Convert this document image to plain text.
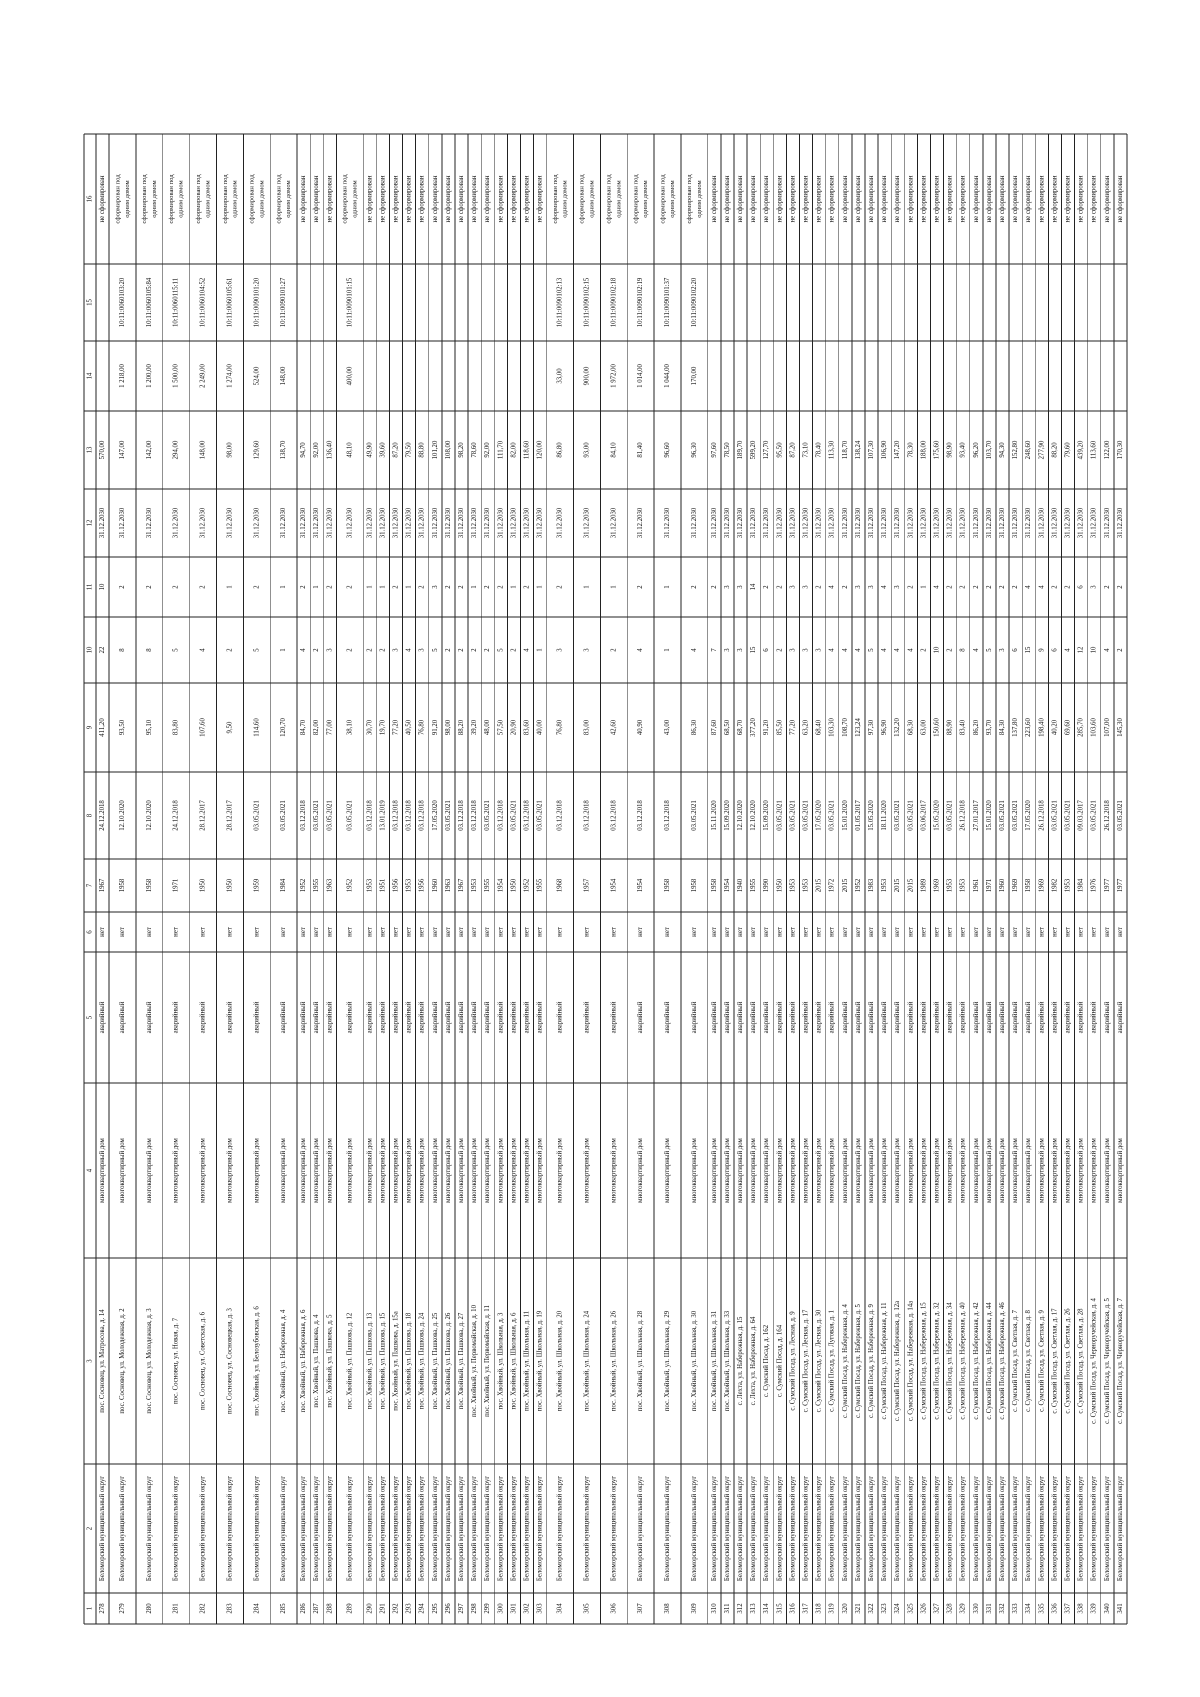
1
2
3
4
5
6
7
8
9
10
11
12
13
14
15
16
278
Беломорский муниципальный округ
пос. Сосновец, ул. Матросова, д. 14
многоквартирный дом
аварийный
нет
1967
24.12.2018
411,20
22
10
31.12.2030
570,00
не сформирован
279
Беломорский муниципальный округ
пос. Сосновец, ул. Молодежная, д. 2
многоквартирный дом
аварийный
нет
1958
12.10.2020
93,50
8
2
31.12.2030
147,00
1 218,00
10:11:0060103:20
сформирован под одним домом
280
Беломорский муниципальный округ
пос. Сосновец, ул. Молодежная, д. 3
многоквартирный дом
аварийный
нет
1958
12.10.2020
95,10
8
2
31.12.2030
142,00
1 200,00
10:11:0060105:84
сформирован под одним домом
281
Беломорский муниципальный округ
пос. Сосновец, ул. Новая, д. 7
многоквартирный дом
аварийный
нет
1971
24.12.2018
83,80
5
2
31.12.2030
294,00
1 500,00
10:11:0060115:11
сформирован под одним домом
282
Беломорский муниципальный округ
пос. Сосновец, ул. Советская, д. 6
многоквартирный дом
аварийный
нет
1950
28.12.2017
107,60
4
2
31.12.2030
148,00
2 249,00
10:11:0060104:52
сформирован под одним домом
283
Беломорский муниципальный округ
пос. Сосновец, ул. Сосновецкая, д. 3
многоквартирный дом
аварийный
нет
1950
28.12.2017
9,50
2
1
31.12.2030
98,00
1 274,00
10:11:0060105:61
сформирован под одним домом
284
Беломорский муниципальный округ
пос. Хвойный, ул. Белозубовская, д. 6
многоквартирный дом
аварийный
нет
1959
03.05.2021
114,60
5
2
31.12.2030
129,60
524,00
10:11:0090101:20
сформирован под одним домом
285
Беломорский муниципальный округ
пос. Хвойный, ул. Набережная, д. 4
многоквартирный дом
аварийный
нет
1984
03.05.2021
120,70
1
1
31.12.2030
138,70
148,00
10:11:0090101:27
сформирован под одним домом
286
Беломорский муниципальный округ
пос. Хвойный, ул. Набережная, д. 6
многоквартирный дом
аварийный
нет
1952
03.12.2018
84,70
4
2
31.12.2030
94,70
не сформирован
287
Беломорский муниципальный округ
пос. Хвойный, ул. Пашкова, д. 4
многоквартирный дом
аварийный
нет
1955
03.05.2021
82,00
2
1
31.12.2030
92,00
не сформирован
288
Беломорский муниципальный округ
пос. Хвойный, ул. Пашкова, д. 5
многоквартирный дом
аварийный
нет
1963
03.05.2021
77,00
3
2
31.12.2030
136,40
не сформирован
289
Беломорский муниципальный округ
пос. Хвойный, ул. Пашкова, д. 12
многоквартирный дом
аварийный
нет
1952
03.05.2021
38,10
2
2
31.12.2030
48,10
400,00
10:11:0090101:15
сформирован под одним домом
290
Беломорский муниципальный округ
пос. Хвойный, ул. Пашкова, д. 13
многоквартирный дом
аварийный
нет
1953
03.12.2018
30,70
2
1
31.12.2030
49,90
не сформирован
291
Беломорский муниципальный округ
пос. Хвойный, ул. Пашкова, д. 15
многоквартирный дом
аварийный
нет
1951
13.01.2019
19,70
2
1
31.12.2030
39,60
не сформирован
292
Беломорский муниципальный округ
пос. Хвойный, ул. Пашкова, д. 15а
многоквартирный дом
аварийный
нет
1956
03.12.2018
77,20
3
2
31.12.2030
87,20
не сформирован
293
Беломорский муниципальный округ
пос. Хвойный, ул. Пашкова, д. 18
многоквартирный дом
аварийный
нет
1953
03.12.2018
40,50
4
1
31.12.2030
79,50
не сформирован
294
Беломорский муниципальный округ
пос. Хвойный, ул. Пашкова, д. 24
многоквартирный дом
аварийный
нет
1956
03.12.2018
76,80
3
2
31.12.2030
88,80
не сформирован
295
Беломорский муниципальный округ
пос. Хвойный, ул. Пашкова, д. 25
многоквартирный дом
аварийный
нет
1960
17.05.2020
91,20
5
3
31.12.2030
101,20
не сформирован
296
Беломорский муниципальный округ
пос. Хвойный, ул. Пашкова, д. 26
многоквартирный дом
аварийный
нет
1963
03.05.2021
98,00
2
2
31.12.2030
108,00
не сформирован
297
Беломорский муниципальный округ
пос. Хвойный, ул. Пашкова, д. 27
многоквартирный дом
аварийный
нет
1967
03.12.2018
88,20
2
2
31.12.2030
98,20
не сформирован
298
Беломорский муниципальный округ
пос. Хвойный, ул. Первомайская, д. 10
многоквартирный дом
аварийный
нет
1953
03.12.2018
39,20
2
1
31.12.2030
78,60
не сформирован
299
Беломорский муниципальный округ
пос. Хвойный, ул. Первомайская, д. 11
многоквартирный дом
аварийный
нет
1955
03.05.2021
48,00
2
2
31.12.2030
92,00
не сформирован
300
Беломорский муниципальный округ
пос. Хвойный, ул. Школьная, д. 3
многоквартирный дом
аварийный
нет
1954
03.12.2018
57,50
5
2
31.12.2030
111,70
не сформирован
301
Беломорский муниципальный округ
пос. Хвойный, ул. Школьная, д. 6
многоквартирный дом
аварийный
нет
1950
03.05.2021
20,90
2
1
31.12.2030
82,00
не сформирован
302
Беломорский муниципальный округ
пос. Хвойный, ул. Школьная, д. 11
многоквартирный дом
аварийный
нет
1952
03.12.2018
83,60
4
2
31.12.2030
118,60
не сформирован
303
Беломорский муниципальный округ
пос. Хвойный, ул. Школьная, д. 19
многоквартирный дом
аварийный
нет
1955
03.05.2021
40,00
1
1
31.12.2030
120,00
не сформирован
304
Беломорский муниципальный округ
пос. Хвойный, ул. Школьная, д. 20
многоквартирный дом
аварийный
нет
1968
03.12.2018
76,80
3
2
31.12.2030
86,80
33,00
10:11:0090102:13
сформирован под одним домом
305
Беломорский муниципальный округ
пос. Хвойный, ул. Школьная, д. 24
многоквартирный дом
аварийный
нет
1957
03.12.2018
83,00
3
1
31.12.2030
93,00
900,00
10:11:0090102:15
сформирован под одним домом
306
Беломорский муниципальный округ
пос. Хвойный, ул. Школьная, д. 26
многоквартирный дом
аварийный
нет
1954
03.12.2018
42,60
2
1
31.12.2030
84,10
1 972,00
10:11:0090102:18
сформирован под одним домом
307
Беломорский муниципальный округ
пос. Хвойный, ул. Школьная, д. 28
многоквартирный дом
аварийный
нет
1954
03.12.2018
40,90
4
2
31.12.2030
81,40
1 014,00
10:11:0090102:19
сформирован под одним домом
308
Беломорский муниципальный округ
пос. Хвойный, ул. Школьная, д. 29
многоквартирный дом
аварийный
нет
1958
03.12.2018
43,00
1
1
31.12.2030
96,60
1 044,00
10:11:0090101:37
сформирован под одним домом
309
Беломорский муниципальный округ
пос. Хвойный, ул. Школьная, д. 30
многоквартирный дом
аварийный
нет
1958
03.05.2021
86,30
4
2
31.12.2030
96,30
170,00
10:11:0090102:20
сформирован под одним домом
310
Беломорский муниципальный округ
пос. Хвойный, ул. Школьная, д. 31
многоквартирный дом
аварийный
нет
1958
15.11.2020
87,60
7
2
31.12.2030
97,60
не сформирован
311
Беломорский муниципальный округ
пос. Хвойный, ул. Школьная, д. 33
многоквартирный дом
аварийный
нет
1954
15.09.2020
68,50
3
3
31.12.2030
78,50
не сформирован
312
Беломорский муниципальный округ
с. Лехта, ул. Набережная, д. 15
многоквартирный дом
аварийный
нет
1940
12.10.2020
68,70
3
3
31.12.2030
189,70
не сформирован
313
Беломорский муниципальный округ
с. Лехта, ул. Набережная, д. 64
многоквартирный дом
аварийный
нет
1955
12.10.2020
377,20
15
14
31.12.2030
599,20
не сформирован
314
Беломорский муниципальный округ
с. Сумский Посад, д. 162
многоквартирный дом
аварийный
нет
1990
15.09.2020
91,20
6
2
31.12.2030
127,70
не сформирован
315
Беломорский муниципальный округ
с. Сумский Посад, д. 164
многоквартирный дом
аварийный
нет
1950
03.05.2021
85,50
2
2
31.12.2030
95,50
не сформирован
316
Беломорский муниципальный округ
с. Сумский Посад, ул. Лесная, д. 9
многоквартирный дом
аварийный
нет
1953
03.05.2021
77,20
3
3
31.12.2030
87,20
не сформирован
317
Беломорский муниципальный округ
с. Сумский Посад, ул. Лесная, д. 17
многоквартирный дом
аварийный
нет
1953
03.05.2021
63,20
3
3
31.12.2030
73,10
не сформирован
318
Беломорский муниципальный округ
с. Сумский Посад, ул. Лесная, д. 30
многоквартирный дом
аварийный
нет
2015
17.05.2020
68,40
3
2
31.12.2030
78,40
не сформирован
319
Беломорский муниципальный округ
с. Сумский Посад, ул. Луговая, д. 1
многоквартирный дом
аварийный
нет
1972
03.05.2021
103,30
4
4
31.12.2030
113,30
не сформирован
320
Беломорский муниципальный округ
с. Сумский Посад, ул. Набережная, д. 4
многоквартирный дом
аварийный
нет
2015
15.01.2020
108,70
4
2
31.12.2030
118,70
не сформирован
321
Беломорский муниципальный округ
с. Сумский Посад, ул. Набережная, д. 5
многоквартирный дом
аварийный
нет
1952
01.05.2017
123,24
4
3
31.12.2030
138,24
не сформирован
322
Беломорский муниципальный округ
с. Сумский Посад, ул. Набережная, д. 9
многоквартирный дом
аварийный
нет
1983
15.05.2020
97,30
5
3
31.12.2030
107,30
не сформирован
323
Беломорский муниципальный округ
с. Сумский Посад, ул. Набережная, д. 11
многоквартирный дом
аварийный
нет
1953
18.11.2020
96,90
4
4
31.12.2030
106,90
не сформирован
324
Беломорский муниципальный округ
с. Сумский Посад, ул. Набережная, д. 12а
многоквартирный дом
аварийный
нет
2015
03.05.2021
132,20
4
3
31.12.2030
147,20
не сформирован
325
Беломорский муниципальный округ
с. Сумский Посад, ул. Набережная, д. 14а
многоквартирный дом
аварийный
нет
2015
03.05.2021
68,30
4
2
31.12.2030
78,30
не сформирован
326
Беломорский муниципальный округ
с. Сумский Посад, ул. Набережная, д. 15
многоквартирный дом
аварийный
нет
1989
03.06.2017
63,00
2
1
31.12.2030
188,00
не сформирован
327
Беломорский муниципальный округ
с. Сумский Посад, ул. Набережная, д. 32
многоквартирный дом
аварийный
нет
1969
15.05.2020
150,60
10
4
31.12.2030
175,60
не сформирован
328
Беломорский муниципальный округ
с. Сумский Посад, ул. Набережная, д. 34
многоквартирный дом
аварийный
нет
1953
03.05.2021
88,90
2
2
31.12.2030
98,90
не сформирован
329
Беломорский муниципальный округ
с. Сумский Посад, ул. Набережная, д. 40
многоквартирный дом
аварийный
нет
1953
26.12.2018
83,40
8
2
31.12.2030
93,40
не сформирован
330
Беломорский муниципальный округ
с. Сумский Посад, ул. Набережная, д. 42
многоквартирный дом
аварийный
нет
1961
27.01.2017
86,20
4
2
31.12.2030
96,20
не сформирован
331
Беломорский муниципальный округ
с. Сумский Посад, ул. Набережная, д. 44
многоквартирный дом
аварийный
нет
1971
15.01.2020
93,70
5
2
31.12.2030
103,70
не сформирован
332
Беломорский муниципальный округ
с. Сумский Посад, ул. Набережная, д. 46
многоквартирный дом
аварийный
нет
1960
03.05.2021
84,30
3
2
31.12.2030
94,30
не сформирован
333
Беломорский муниципальный округ
с. Сумский Посад, ул. Светлая, д. 7
многоквартирный дом
аварийный
нет
1969
03.05.2021
137,80
6
2
31.12.2030
152,80
не сформирован
334
Беломорский муниципальный округ
с. Сумский Посад, ул. Светлая, д. 8
многоквартирный дом
аварийный
нет
1958
17.05.2020
223,60
15
4
31.12.2030
248,60
не сформирован
335
Беломорский муниципальный округ
с. Сумский Посад, ул. Светлая, д. 9
многоквартирный дом
аварийный
нет
1969
26.12.2018
198,40
9
4
31.12.2030
277,90
не сформирован
336
Беломорский муниципальный округ
с. Сумский Посад, ул. Светлая, д. 17
многоквартирный дом
аварийный
нет
1982
03.05.2021
40,20
6
2
31.12.2030
88,20
не сформирован
337
Беломорский муниципальный округ
с. Сумский Посад, ул. Светлая, д. 26
многоквартирный дом
аварийный
нет
1953
03.05.2021
69,60
4
2
31.12.2030
79,60
не сформирован
338
Беломорский муниципальный округ
с. Сумский Посад, ул. Светлая, д. 28
многоквартирный дом
аварийный
нет
1984
09.03.2017
285,70
12
6
31.12.2030
439,20
не сформирован
339
Беломорский муниципальный округ
с. Сумский Посад, ул. Черноручейская, д. 4
многоквартирный дом
аварийный
нет
1976
03.05.2021
103,60
10
3
31.12.2030
113,60
не сформирован
340
Беломорский муниципальный округ
с. Сумский Посад, ул. Черноручейская, д. 5
многоквартирный дом
аварийный
нет
1977
26.12.2018
107,00
4
2
31.12.2030
122,00
не сформирован
341
Беломорский муниципальный округ
с. Сумский Посад, ул. Черноручейская, д. 7
многоквартирный дом
аварийный
нет
1977
03.05.2021
145,30
2
2
31.12.2030
170,30
не сформирован
